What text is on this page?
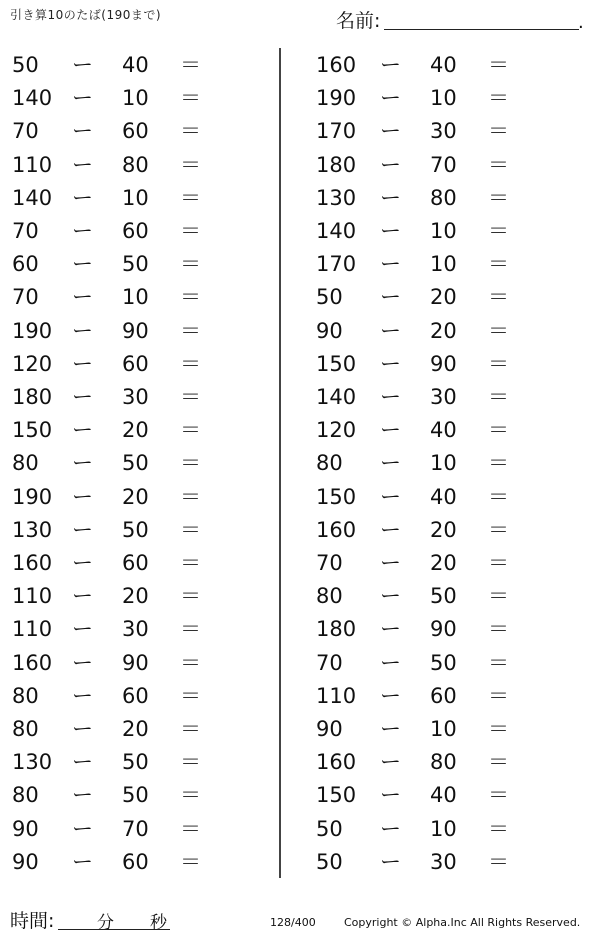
引き算10のたば(190まで)	名前:	.
50 ー 40 ＝
140 ー 10 ＝
70 ー 60 ＝
110 ー 80 ＝
140 ー 10 ＝
70 ー 60 ＝
60 ー 50 ＝
70 ー 10 ＝
190 ー 90 ＝
120 ー 60 ＝
180 ー 30 ＝
150 ー 20 ＝
80 ー 50 ＝
190 ー 20 ＝
130 ー 50 ＝
160 ー 60 ＝
110 ー 20 ＝
110 ー 30 ＝
160 ー 90 ＝
80 ー 60 ＝
80 ー 20 ＝
130 ー 50 ＝
80 ー 50 ＝
90 ー 70 ＝
90 ー 60 ＝
160 ー 40 ＝
190 ー 10 ＝
170 ー 30 ＝
180 ー 70 ＝
130 ー 80 ＝
140 ー 10 ＝
170 ー 10 ＝
50 ー 20 ＝
90 ー 20 ＝
150 ー 90 ＝
140 ー 30 ＝
120 ー 40 ＝
80 ー 10 ＝
150 ー 40 ＝
160 ー 20 ＝
70 ー 20 ＝
80 ー 50 ＝
180 ー 90 ＝
70 ー 50 ＝
110 ー 60 ＝
90 ー 10 ＝
160 ー 80 ＝
150 ー 40 ＝
50 ー 10 ＝
50 ー 30 ＝
時間:	分 秒	128/400	Copyright © Alpha.Inc All Rights Reserved.
